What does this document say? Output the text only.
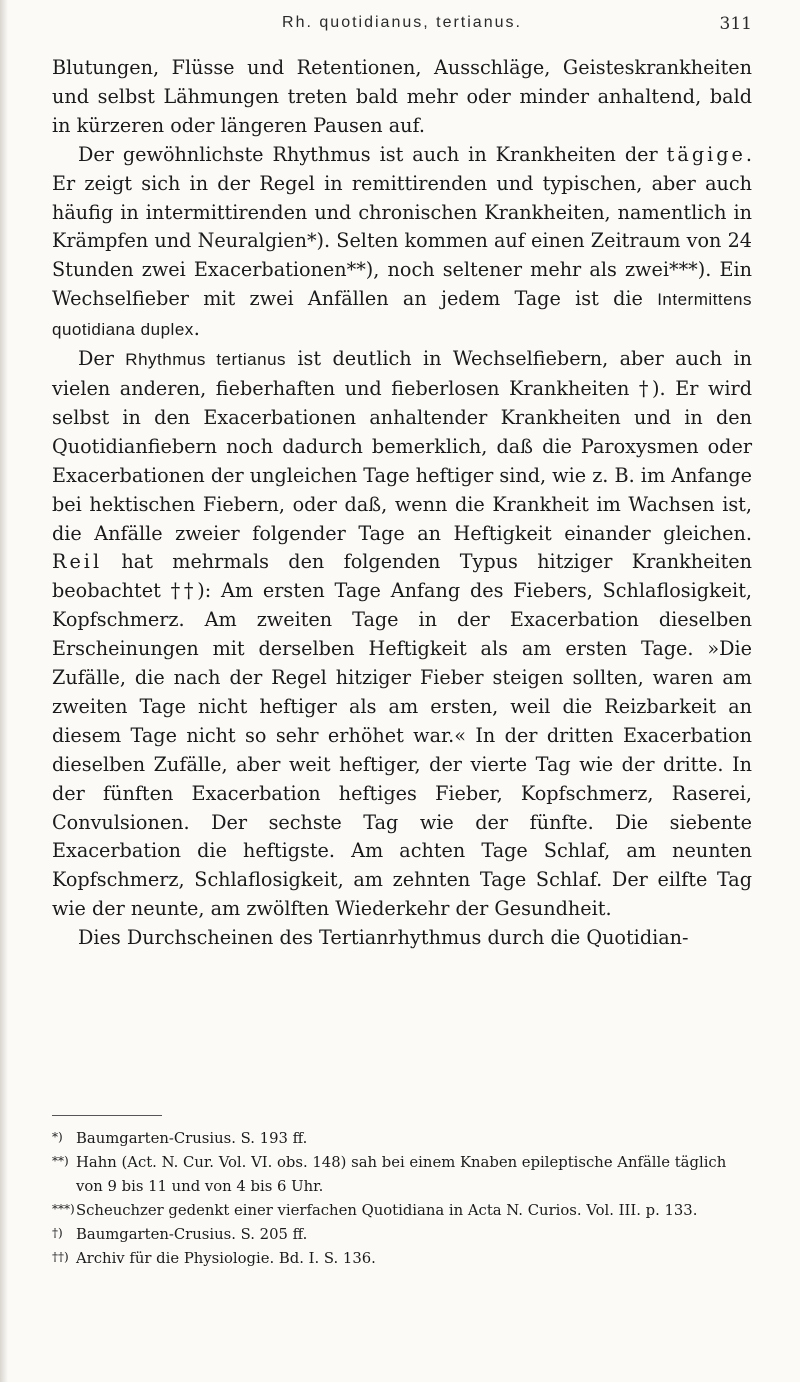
Rh. quotidianus, tertianus.	311

Blutungen, Flüsse und Retentionen, Ausschläge, Geisteskrankheiten und selbst Lähmungen treten bald mehr oder minder anhaltend, bald in kürzeren oder längeren Pausen auf.

Der gewöhnlichste Rhythmus ist auch in Krankheiten der tägige. Er zeigt sich in der Regel in remittirenden und typischen, aber auch häufig in intermittirenden und chronischen Krankheiten, namentlich in Krämpfen und Neuralgien*). Selten kommen auf einen Zeitraum von 24 Stunden zwei Exacerbationen**), noch seltener mehr als zwei***). Ein Wechselfieber mit zwei Anfällen an jedem Tage ist die Intermittens quotidiana duplex.

Der Rhythmus tertianus ist deutlich in Wechselfiebern, aber auch in vielen anderen, fieberhaften und fieberlosen Krankheiten †). Er wird selbst in den Exacerbationen anhaltender Krankheiten und in den Quotidianfiebern noch dadurch bemerklich, daß die Paroxysmen oder Exacerbationen der ungleichen Tage heftiger sind, wie z. B. im Anfange bei hektischen Fiebern, oder daß, wenn die Krankheit im Wachsen ist, die Anfälle zweier folgender Tage an Heftigkeit einander gleichen. Reil hat mehrmals den folgenden Typus hitziger Krankheiten beobachtet ††): Am ersten Tage Anfang des Fiebers, Schlaflosigkeit, Kopfschmerz. Am zweiten Tage in der Exacerbation dieselben Erscheinungen mit derselben Heftigkeit als am ersten Tage. »Die Zufälle, die nach der Regel hitziger Fieber steigen sollten, waren am zweiten Tage nicht heftiger als am ersten, weil die Reizbarkeit an diesem Tage nicht so sehr erhöhet war.« In der dritten Exacerbation dieselben Zufälle, aber weit heftiger, der vierte Tag wie der dritte. In der fünften Exacerbation heftiges Fieber, Kopfschmerz, Raserei, Convulsionen. Der sechste Tag wie der fünfte. Die siebente Exacerbation die heftigste. Am achten Tage Schlaf, am neunten Kopfschmerz, Schlaflosigkeit, am zehnten Tage Schlaf. Der eilfte Tag wie der neunte, am zwölften Wiederkehr der Gesundheit.

Dies Durchscheinen des Tertianrhythmus durch die Quotidian-

*) Baumgarten-Crusius. S. 193 ff.

**) Hahn (Act. N. Cur. Vol. VI. obs. 148) sah bei einem Knaben epileptische Anfälle täglich von 9 bis 11 und von 4 bis 6 Uhr.

***)Scheuchzer gedenkt einer vierfachen Quotidiana in Acta N. Curios. Vol. III. p. 133.

†) Baumgarten-Crusius. S. 205 ff.

††) Archiv für die Physiologie. Bd. I. S. 136.
